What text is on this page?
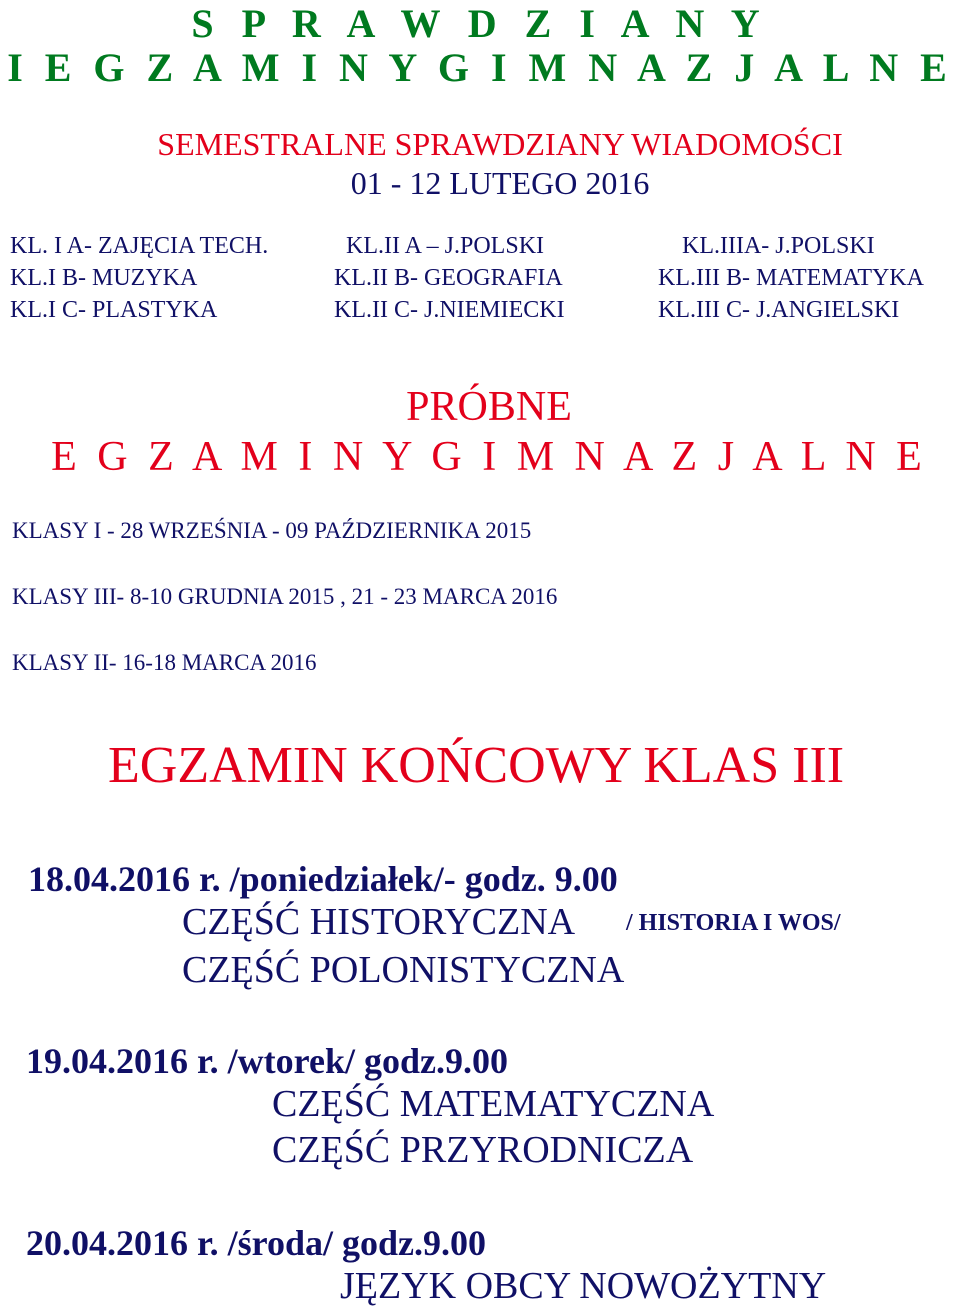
S P R A W D Z I A N Y
I E G Z A M I N Y G I M N A Z J A L N E
SEMESTRALNE SPRAWDZIANY WIADOMOŚCI
01 - 12 LUTEGO 2016
KL. I A- ZAJĘCIA TECH.	KL.II A – J.POLSKI	KL.IIIA- J.POLSKI
KL.I B- MUZYKA	KL.II B- GEOGRAFIA	KL.III B- MATEMATYKA
KL.I C- PLASTYKA	KL.II C- J.NIEMIECKI	KL.III C- J.ANGIELSKI
PRÓBNE
E G Z A M I N Y G I M N A Z J A L N E
KLASY I - 28 WRZEŚNIA - 09 PAŹDZIERNIKA 2015
KLASY III- 8-10 GRUDNIA 2015 , 21 - 23 MARCA 2016
KLASY II- 16-18 MARCA 2016
EGZAMIN KOŃCOWY KLAS III
18.04.2016 r. /poniedziałek/- godz. 9.00
CZĘŚĆ HISTORYCZNA / HISTORIA I WOS/
CZĘŚĆ POLONISTYCZNA
19.04.2016 r. /wtorek/ godz.9.00
CZĘŚĆ MATEMATYCZNA
CZĘŚĆ PRZYRODNICZA
20.04.2016 r. /środa/ godz.9.00
JĘZYK OBCY NOWOŻYTNY
